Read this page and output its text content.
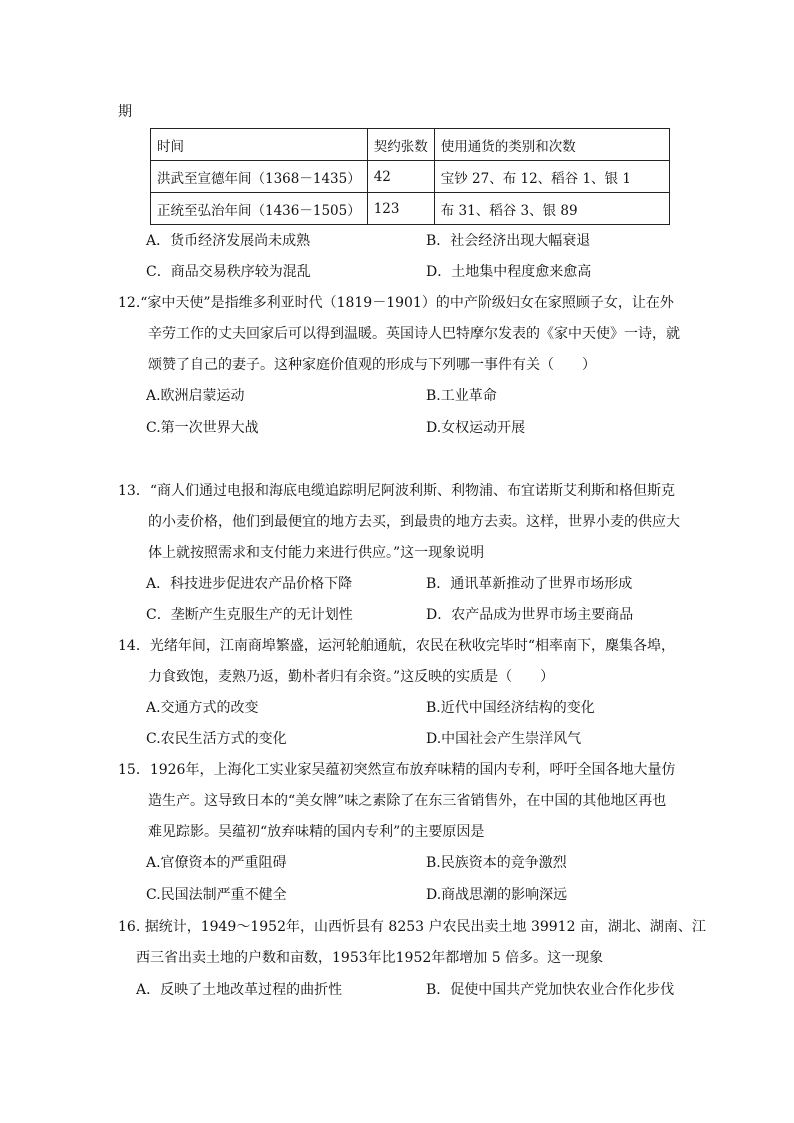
期
时间	契约张数	使用通货的类别和次数
洪武至宣德年间（1368－1435）	42	宝钞 27、布 12、稻谷 1、银 1
正统至弘治年间（1436－1505）	123	布 31、稻谷 3、银 89
A．货币经济发展尚未成熟	B．社会经济出现大幅衰退
C．商品交易秩序较为混乱	D．土地集中程度愈来愈高
12.“家中天使”是指维多利亚时代（1819－1901）的中产阶级妇女在家照顾子女，让在外
辛劳工作的丈夫回家后可以得到温暖。英国诗人巴特摩尔发表的《家中天使》一诗，就
颂赞了自己的妻子。这种家庭价值观的形成与下列哪一事件有关（　　）
A.欧洲启蒙运动	B.工业革命
C.第一次世界大战	D.女权运动开展
13．“商人们通过电报和海底电缆追踪明尼阿波利斯、利物浦、布宜诺斯艾利斯和格但斯克
的小麦价格，他们到最便宜的地方去买，到最贵的地方去卖。这样，世界小麦的供应大
体上就按照需求和支付能力来进行供应。”这一现象说明
A．科技进步促进农产品价格下降	B．通讯革新推动了世界市场形成
C．垄断产生克服生产的无计划性	D．农产品成为世界市场主要商品
14．光绪年间，江南商埠繁盛，运河轮舶通航，农民在秋收完毕时“相率南下，麇集各埠，
力食致饱，麦熟乃返，勤朴者归有余资。”这反映的实质是（　　）
A.交通方式的改变	B.近代中国经济结构的变化
C.农民生活方式的变化	D.中国社会产生崇洋风气
15．1926年，上海化工实业家吴蕴初突然宣布放弃味精的国内专利，呼吁全国各地大量仿
造生产。这导致日本的“美女牌”味之素除了在东三省销售外，在中国的其他地区再也
难见踪影。吴蕴初“放弃味精的国内专利”的主要原因是
A.官僚资本的严重阻碍	B.民族资本的竞争激烈
C.民国法制严重不健全	D.商战思潮的影响深远
16. 据统计，1949～1952年，山西忻县有 8253 户农民出卖土地 39912 亩，湖北、湖南、江
西三省出卖土地的户数和亩数，1953年比1952年都增加 5 倍多。这一现象
A．反映了土地改革过程的曲折性	B．促使中国共产党加快农业合作化步伐
